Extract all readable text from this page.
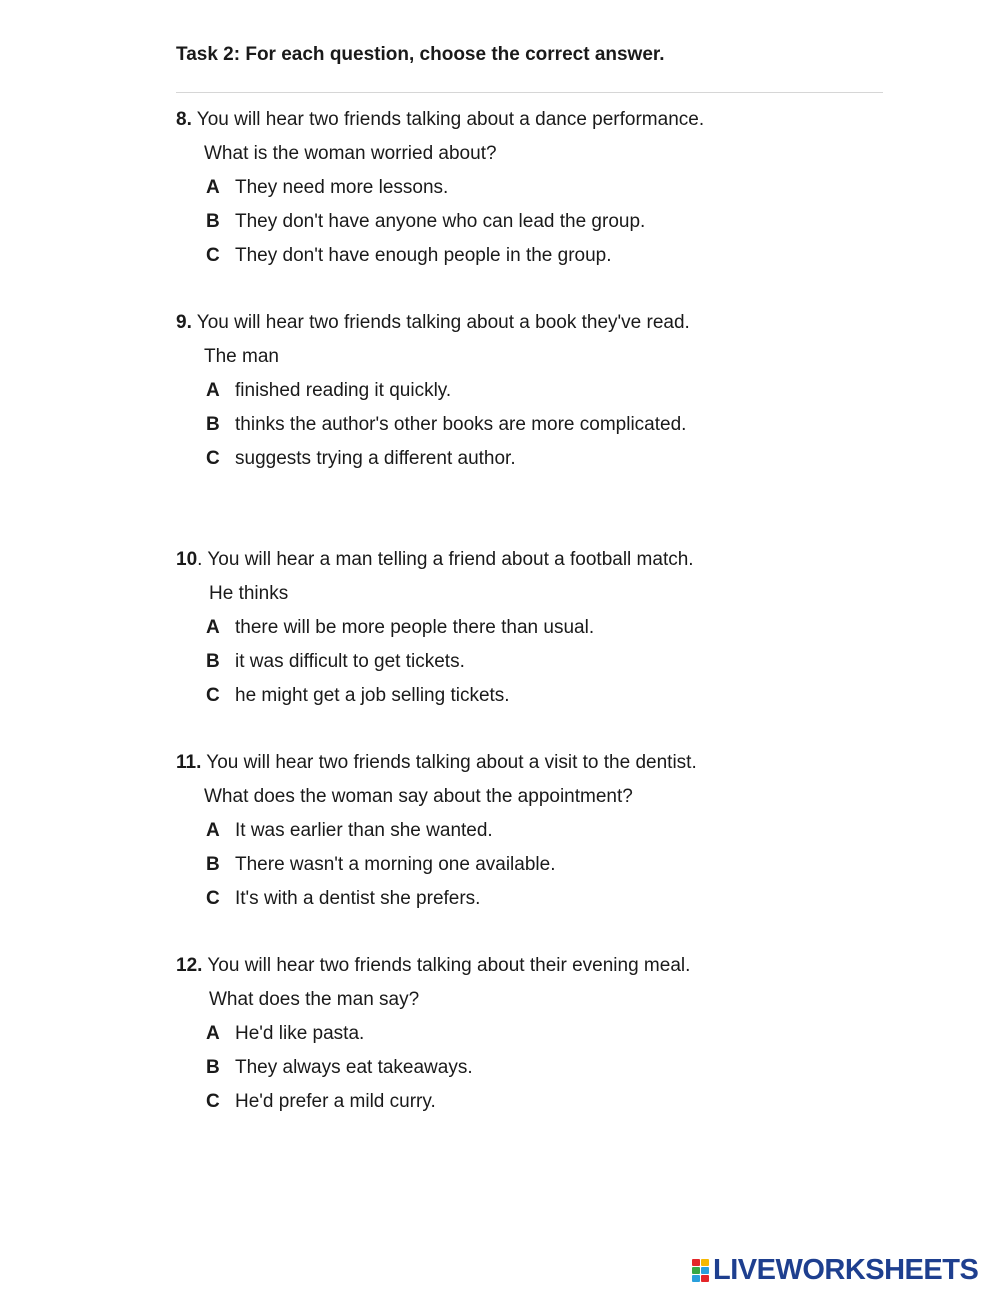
Task 2: For each question, choose the correct answer.
8. You will hear two friends talking about a dance performance.
What is the woman worried about?
A They need more lessons.
B They don't have anyone who can lead the group.
C They don't have enough people in the group.
9. You will hear two friends talking about a book they've read.
The man
A finished reading it quickly.
B thinks the author's other books are more complicated.
C suggests trying a different author.
10. You will hear a man telling a friend about a football match.
He thinks
A there will be more people there than usual.
B it was difficult to get tickets.
C he might get a job selling tickets.
11. You will hear two friends talking about a visit to the dentist.
What does the woman say about the appointment?
A It was earlier than she wanted.
B There wasn't a morning one available.
C It's with a dentist she prefers.
12. You will hear two friends talking about their evening meal.
What does the man say?
A He'd like pasta.
B They always eat takeaways.
C He'd prefer a mild curry.
LIVEWORKSHEETS
